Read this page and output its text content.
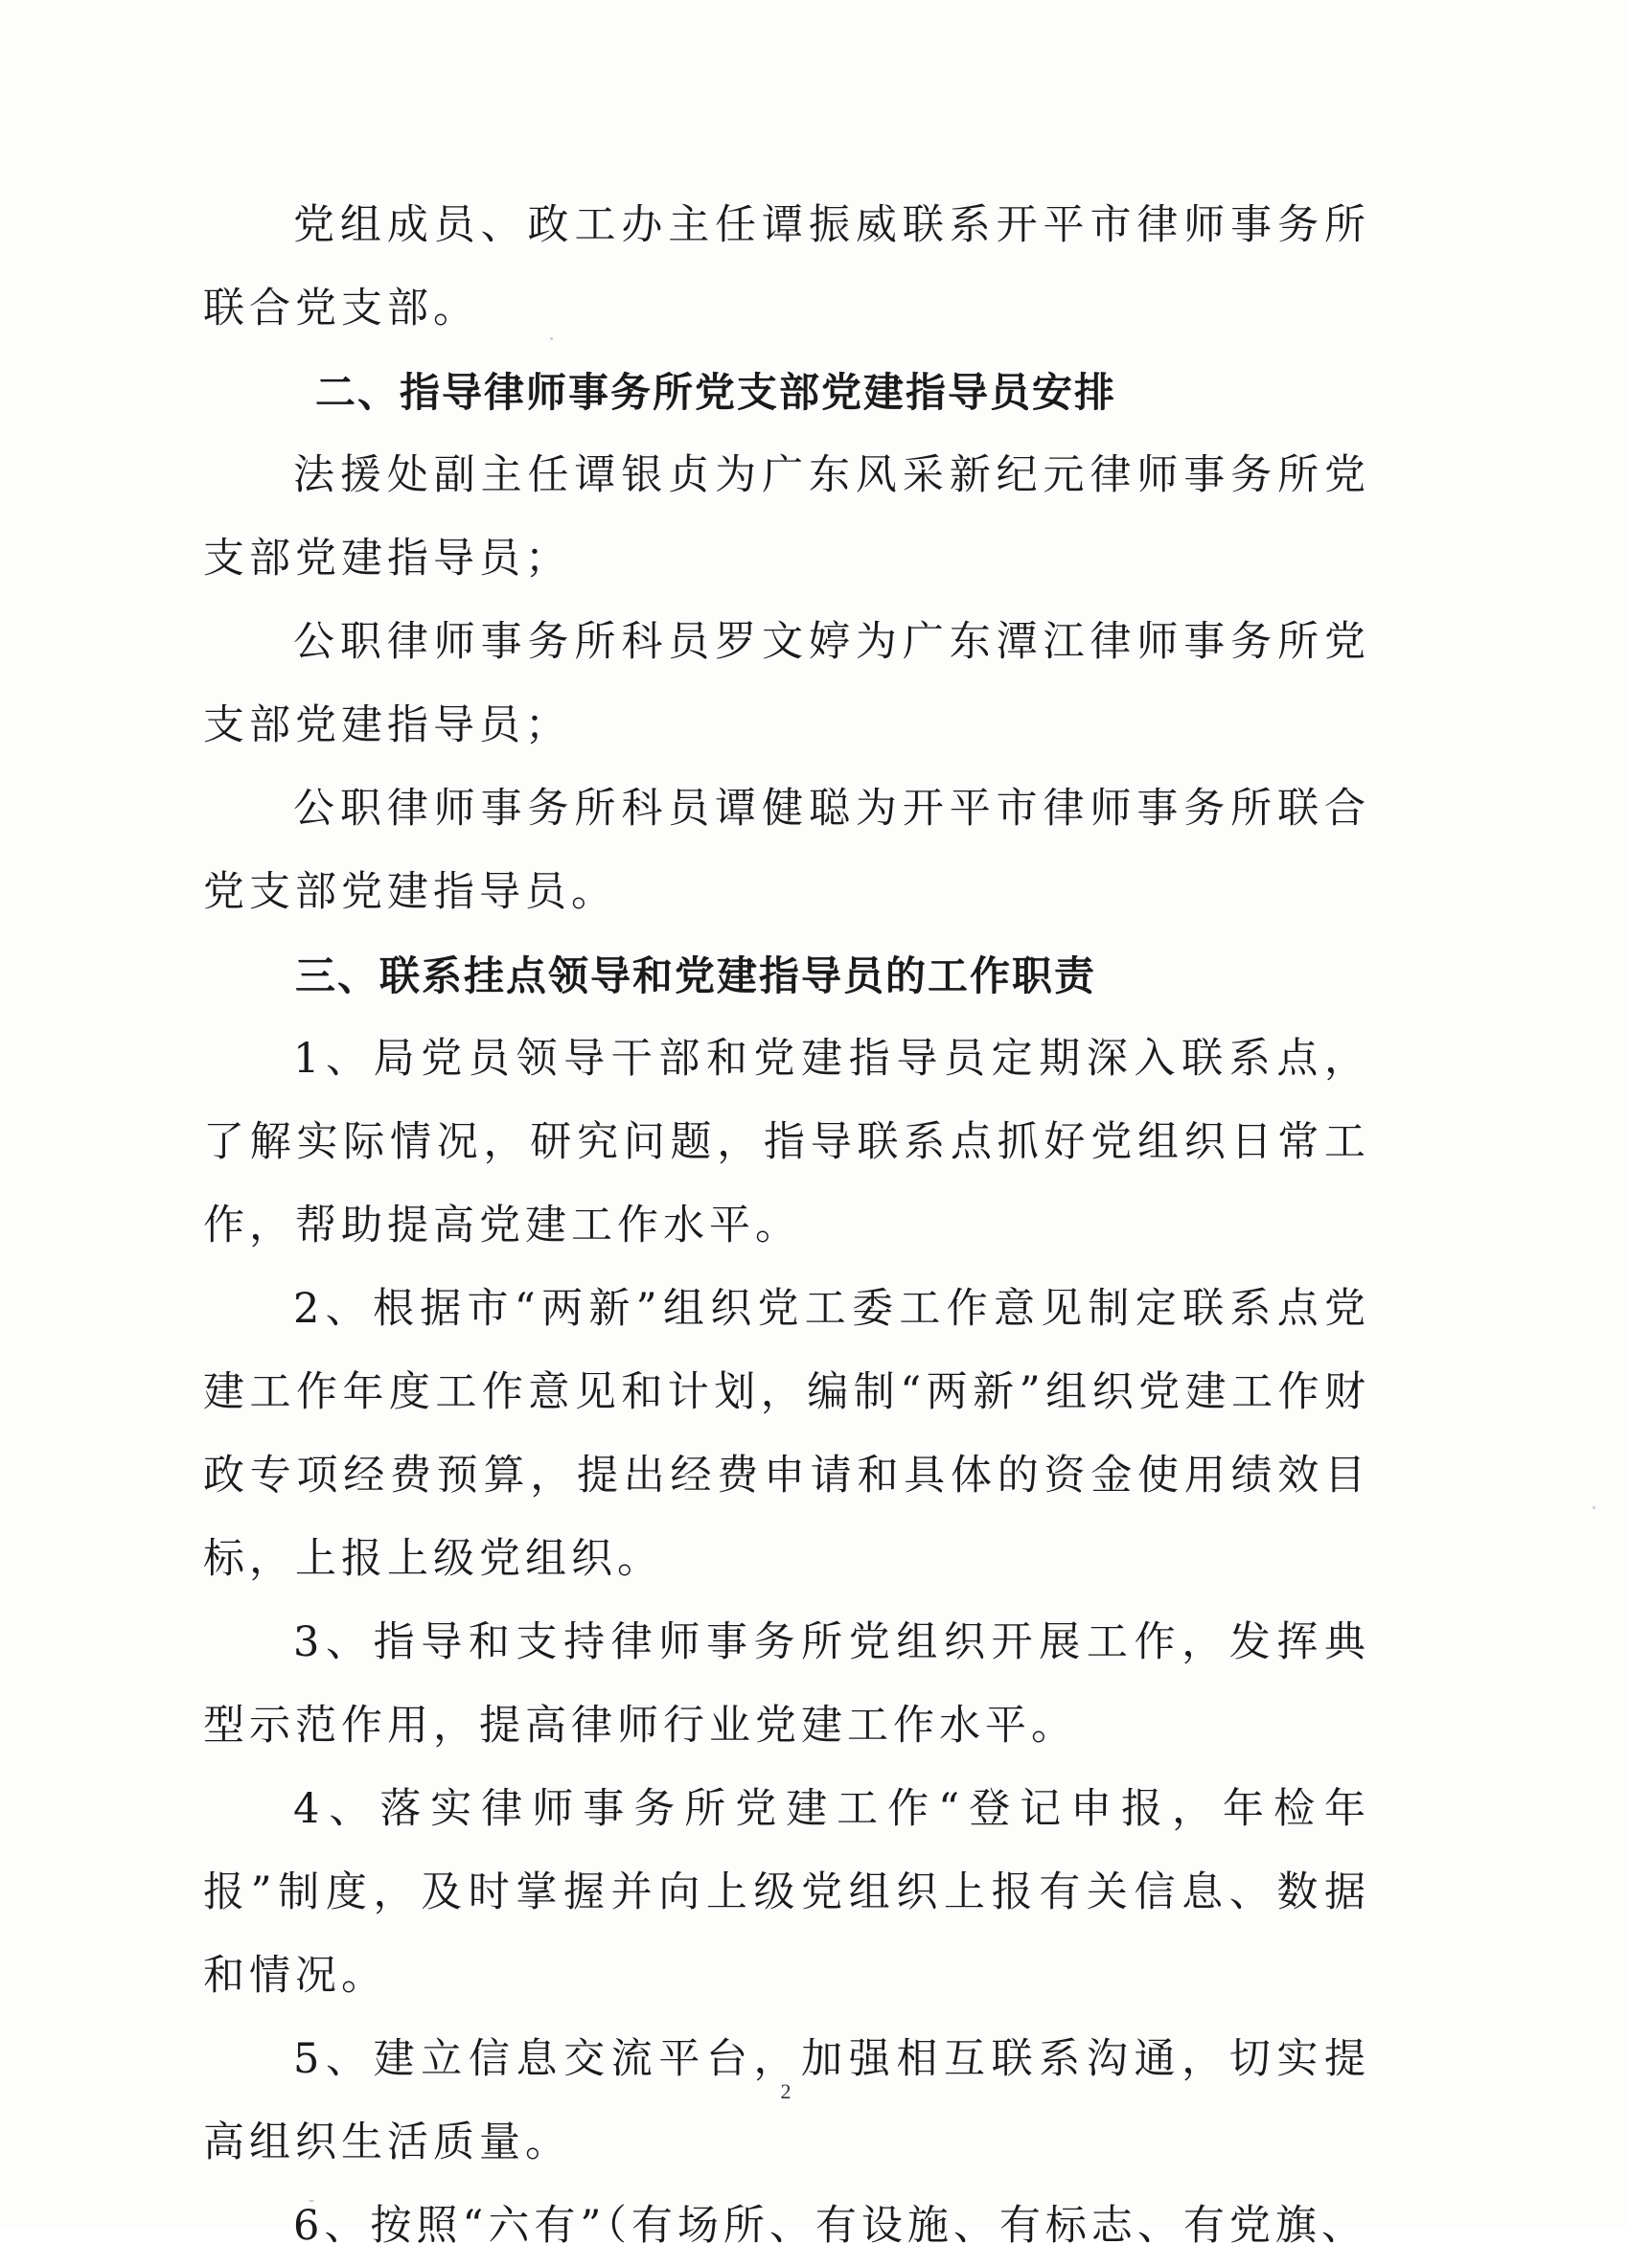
党组成员、政工办主任谭振威联系开平市律师事务所联合党支部。

二、指导律师事务所党支部党建指导员安排

法援处副主任谭银贞为广东风采新纪元律师事务所党支部党建指导员；

公职律师事务所科员罗文婷为广东潭江律师事务所党支部党建指导员；

公职律师事务所科员谭健聪为开平市律师事务所联合党支部党建指导员。

三、联系挂点领导和党建指导员的工作职责

1、局党员领导干部和党建指导员定期深入联系点，了解实际情况，研究问题，指导联系点抓好党组织日常工作，帮助提高党建工作水平。

2、根据市“两新”组织党工委工作意见制定联系点党建工作年度工作意见和计划，编制“两新”组织党建工作财政专项经费预算，提出经费申请和具体的资金使用绩效目标，上报上级党组织。

3、指导和支持律师事务所党组织开展工作，发挥典型示范作用，提高律师行业党建工作水平。

4、落实律师事务所党建工作“登记申报，年检年报”制度，及时掌握并向上级党组织上报有关信息、数据和情况。

5、建立信息交流平台，加强相互联系沟通，切实提高组织生活质量。

6、按照“六有”（有场所、有设施、有标志、有党旗、

2
